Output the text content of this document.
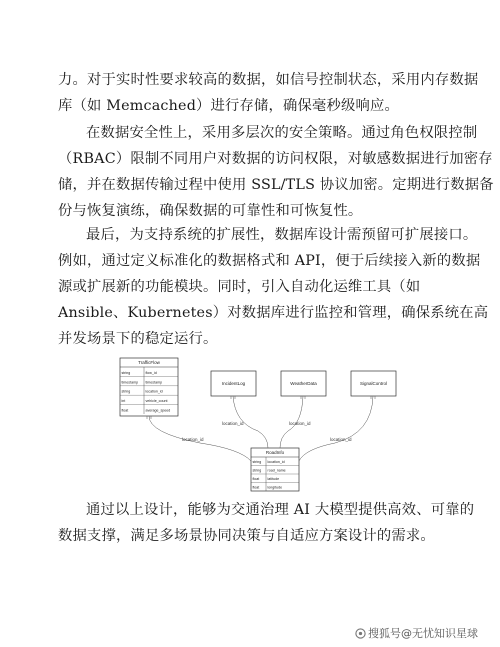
力。对于实时性要求较高的数据，如信号控制状态，采用内存数据
库（如 Memcached）进行存储，确保毫秒级响应。
在数据安全性上，采用多层次的安全策略。通过角色权限控制
（RBAC）限制不同用户对数据的访问权限，对敏感数据进行加密存
储，并在数据传输过程中使用 SSL/TLS 协议加密。定期进行数据备
份与恢复演练，确保数据的可靠性和可恢复性。
最后，为支持系统的扩展性，数据库设计需预留可扩展接口。
例如，通过定义标准化的数据格式和 API，便于后续接入新的数据
源或扩展新的功能模块。同时，引入自动化运维工具（如
Ansible、Kubernetes）对数据库进行监控和管理，确保系统在高
并发场景下的稳定运行。
TrafficFlow
string	flow_id
timestamp timestamp
string	location_id
int	vehicle_count
float	average_speed
IncidentLog	WeatherData	SignalControl
RoadInfo
string location_id
string road_name
float latitude
float longitude
location_id
location_id	location_id
location_id
通过以上设计，能够为交通治理 AI 大模型提供高效、可靠的
数据支撑，满足多场景协同决策与自适应方案设计的需求。
搜狐号@无忧知识星球
